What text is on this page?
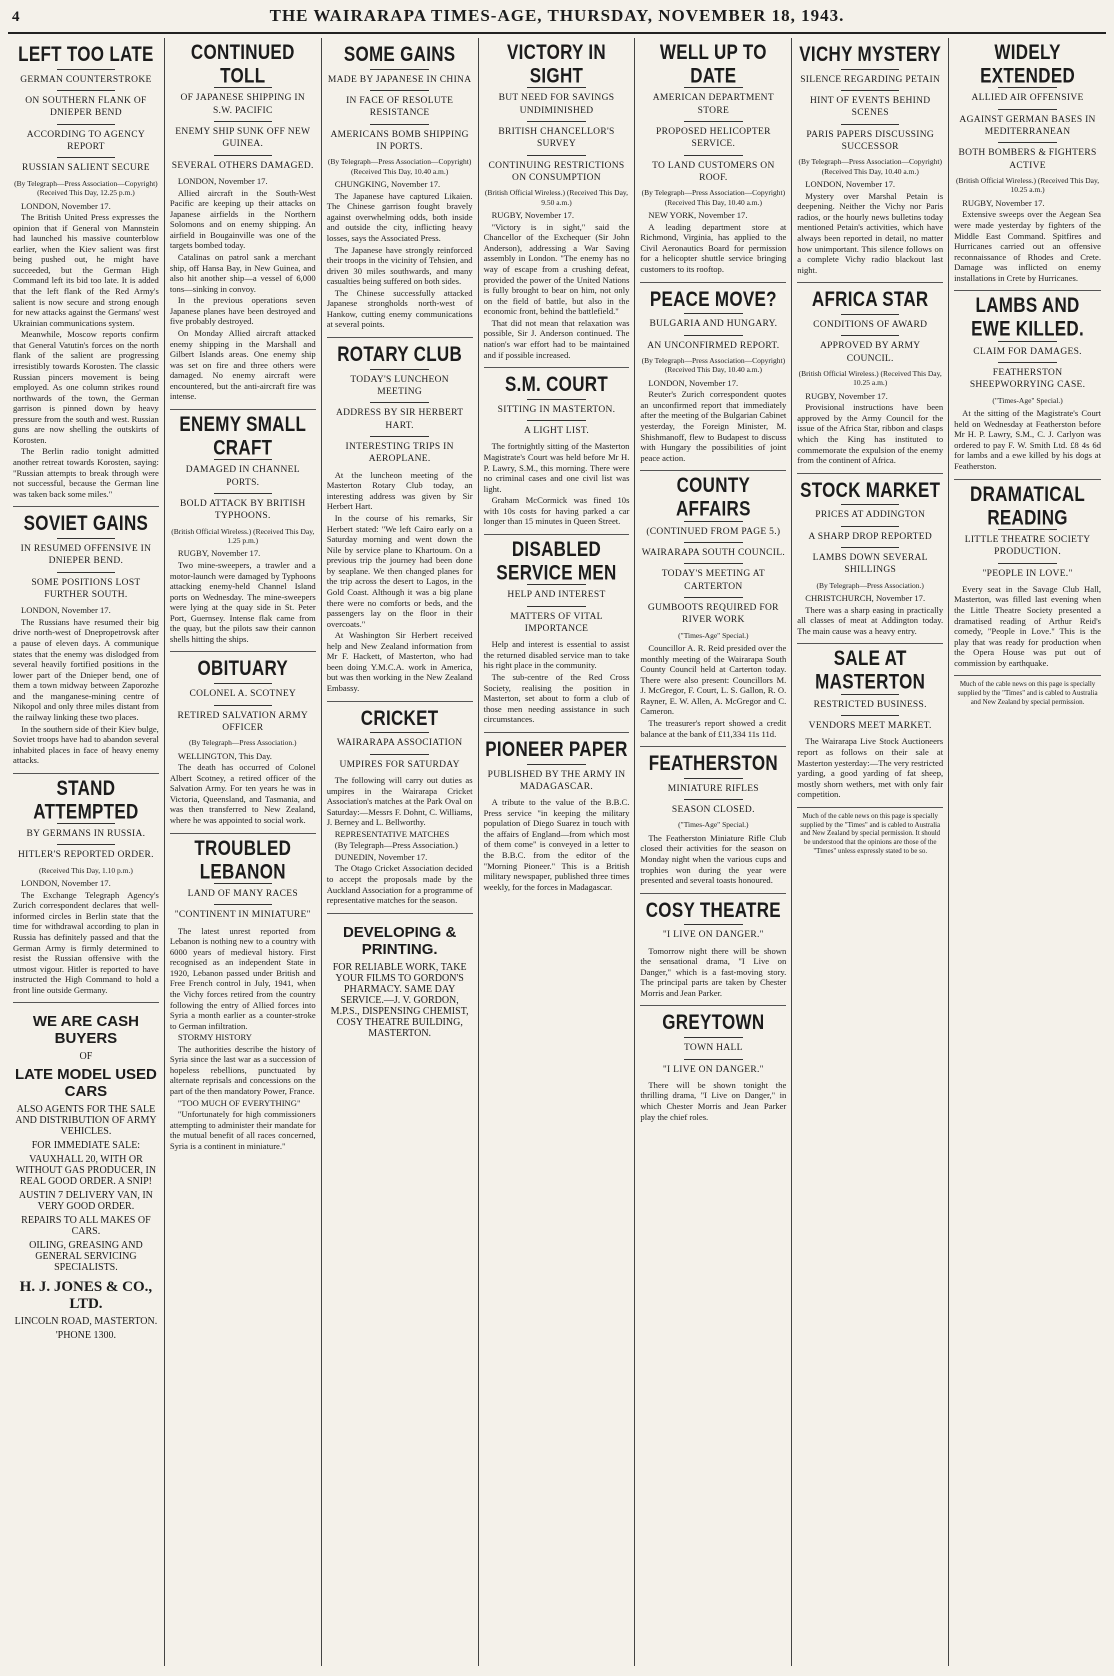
4	THE WAIRARAPA TIMES-AGE, THURSDAY, NOVEMBER 18, 1943.
LEFT TOO LATE
GERMAN COUNTERSTROKE
ON SOUTHERN FLANK OF DNIEPER BEND
ACCORDING TO AGENCY REPORT
RUSSIAN SALIENT SECURE
(By Telegraph—Press Association—Copyright) (Received This Day, 12.25 p.m.)

LONDON, November 17.

The British United Press expresses the opinion that if General von Mannstein had launched his massive counterblow earlier, when the Kiev salient was first being pushed out, he might have succeeded, but the German High Command left its bid too late. It is added that the left flank of the Red Army's salient is now secure and strong enough for new attacks against the Germans' west Ukrainian communications system.

Meanwhile, Moscow reports confirm that General Vatutin's forces on the north flank of the salient are progressing irresistibly towards Korosten. The classic Russian pincers movement is being employed. As one column strikes round northwards of the town, the German garrison is pinned down by heavy pressure from the south and west. Russian guns are now shelling the outskirts of Korosten.

The Berlin radio tonight admitted another retreat towards Korosten, saying: "Russian attempts to break through were not successful, because the German line was taken back some miles."

SOVIET GAINS
IN RESUMED OFFENSIVE IN DNIEPER BEND.
SOME POSITIONS LOST FURTHER SOUTH.

LONDON, November 17.

The Russians have resumed their big drive north-west of Dnepropetrovsk after a pause of eleven days. A communique states that the enemy was dislodged from several heavily fortified positions in the lower part of the Dnieper bend, one of them a town midway between Zaporozhe and the manganese-mining centre of Nikopol and only three miles distant from the railway linking these two places.

In the southern side of their Kiev bulge, Soviet troops have had to abandon several inhabited places in face of heavy enemy attacks.

STAND ATTEMPTED
BY GERMANS IN RUSSIA.
HITLER'S REPORTED ORDER.
(Received This Day, 1.10 p.m.)

LONDON, November 17.

The Exchange Telegraph Agency's Zurich correspondent declares that well-informed circles in Berlin state that the time for withdrawal according to plan in Russia has definitely passed and that the German Army is firmly determined to resist the Russian offensive with the utmost vigour. Hitler is reported to have instructed the High Command to hold a front line outside Germany.

WE ARE CASH BUYERS
OF
LATE MODEL USED CARS
ALSO AGENTS FOR THE SALE AND DISTRIBUTION OF ARMY VEHICLES.
FOR IMMEDIATE SALE:
VAUXHALL 20, WITH OR WITHOUT GAS PRODUCER, IN REAL GOOD ORDER. A SNIP!
AUSTIN 7 DELIVERY VAN, IN VERY GOOD ORDER.
REPAIRS TO ALL MAKES OF CARS.
OILING, GREASING AND GENERAL SERVICING SPECIALISTS.
H. J. JONES & CO., LTD.
LINCOLN ROAD, MASTERTON.
'PHONE 1300.
CONTINUED TOLL
OF JAPANESE SHIPPING IN S.W. PACIFIC
ENEMY SHIP SUNK OFF NEW GUINEA.
SEVERAL OTHERS DAMAGED.

LONDON, November 17.

Allied aircraft in the South-West Pacific are keeping up their attacks on Japanese airfields in the Northern Solomons and on enemy shipping. An airfield in Bougainville was one of the targets bombed today.

Catalinas on patrol sank a merchant ship, off Hansa Bay, in New Guinea, and also hit another ship—a vessel of 6,000 tons—sinking in convoy.

In the previous operations seven Japanese planes have been destroyed and five probably destroyed.

On Monday Allied aircraft attacked enemy shipping in the Marshall and Gilbert Islands areas. One enemy ship was set on fire and three others were damaged. No enemy aircraft were encountered, but the anti-aircraft fire was intense.

ENEMY SMALL CRAFT
DAMAGED IN CHANNEL PORTS.
BOLD ATTACK BY BRITISH TYPHOONS.
(British Official Wireless.) (Received This Day, 1.25 p.m.)

RUGBY, November 17.

Two mine-sweepers, a trawler and a motor-launch were damaged by Typhoons attacking enemy-held Channel Island ports on Wednesday. The mine-sweepers were lying at the quay side in St. Peter Port, Guernsey. Intense flak came from the quay, but the pilots saw their cannon shells hitting the ships.

OBITUARY
COLONEL A. SCOTNEY
RETIRED SALVATION ARMY OFFICER
(By Telegraph—Press Association.)

WELLINGTON, This Day.

The death has occurred of Colonel Albert Scotney, a retired officer of the Salvation Army. For ten years he was in Victoria, Queensland, and Tasmania, and was then transferred to New Zealand, where he was appointed to social work.

TROUBLED LEBANON
LAND OF MANY RACES
"CONTINENT IN MINIATURE"

The latest unrest reported from Lebanon is nothing new to a country with 6000 years of medieval history. First recognised as an independent State in 1920, Lebanon passed under British and Free French control in July, 1941, when the Vichy forces retired from the country following the entry of Allied forces into Syria a month earlier as a counter-stroke to German infiltration.

STORMY HISTORY

The authorities describe the history of Syria since the last war as a succession of hopeless rebellions, punctuated by alternate reprisals and concessions on the part of the then mandatory Power, France.

"TOO MUCH OF EVERYTHING"

"Unfortunately for high commissioners attempting to administer their mandate for the mutual benefit of all races concerned, Syria is a continent in miniature."

SOME GAINS
MADE BY JAPANESE IN CHINA
IN FACE OF RESOLUTE RESISTANCE
AMERICANS BOMB SHIPPING IN PORTS.
(By Telegraph—Press Association—Copyright) (Received This Day, 10.40 a.m.)

CHUNGKING, November 17.

The Japanese have captured Likaien. The Chinese garrison fought bravely against overwhelming odds, both inside and outside the city, inflicting heavy losses, says the Associated Press.

The Japanese have strongly reinforced their troops in the vicinity of Tehsien, and driven 30 miles southwards, and many casualties being suffered on both sides.

The Chinese successfully attacked Japanese strongholds north-west of Hankow, cutting enemy communications at several points.

ROTARY CLUB
TODAY'S LUNCHEON MEETING
ADDRESS BY SIR HERBERT HART.
INTERESTING TRIPS IN AEROPLANE.

At the luncheon meeting of the Masterton Rotary Club today, an interesting address was given by Sir Herbert Hart.

In the course of his remarks, Sir Herbert stated: "We left Cairo early on a Saturday morning and went down the Nile by service plane to Khartoum. On a previous trip the journey had been done by seaplane. We then changed planes for the trip across the desert to Lagos, in the Gold Coast. Although it was a big plane there were no comforts or beds, and the passengers lay on the floor in their overcoats."

At Washington Sir Herbert received help and New Zealand information from Mr F. Hackett, of Masterton, who had been doing Y.M.C.A. work in America, but was then working in the New Zealand Embassy.

CRICKET
WAIRARAPA ASSOCIATION
UMPIRES FOR SATURDAY

The following will carry out duties as umpires in the Wairarapa Cricket Association's matches at the Park Oval on Saturday:—Messrs F. Dohnt, C. Williams, J. Berney and L. Bellworthy.

REPRESENTATIVE MATCHES

(By Telegraph—Press Association.)

DUNEDIN, November 17.

The Otago Cricket Association decided to accept the proposals made by the Auckland Association for a programme of representative matches for the season.

DEVELOPING & PRINTING.
FOR RELIABLE WORK, TAKE YOUR FILMS TO GORDON'S PHARMACY. SAME DAY SERVICE.—J. V. GORDON, M.P.S., DISPENSING CHEMIST, COSY THEATRE BUILDING, MASTERTON.
VICTORY IN SIGHT
BUT NEED FOR SAVINGS UNDIMINISHED
BRITISH CHANCELLOR'S SURVEY
CONTINUING RESTRICTIONS ON CONSUMPTION
(British Official Wireless.) (Received This Day, 9.50 a.m.)

RUGBY, November 17.

"Victory is in sight," said the Chancellor of the Exchequer (Sir John Anderson), addressing a War Saving assembly in London. "The enemy has no way of escape from a crushing defeat, provided the power of the United Nations is fully brought to bear on him, not only on the field of battle, but also in the economic front, behind the battlefield."

That did not mean that relaxation was possible, Sir J. Anderson continued. The nation's war effort had to be maintained and if possible increased.

S.M. COURT
SITTING IN MASTERTON.
A LIGHT LIST.

The fortnightly sitting of the Masterton Magistrate's Court was held before Mr H. P. Lawry, S.M., this morning. There were no criminal cases and one civil list was light.

Graham McCormick was fined 10s with 10s costs for having parked a car longer than 15 minutes in Queen Street.

DISABLED SERVICE MEN
HELP AND INTEREST
MATTERS OF VITAL IMPORTANCE

Help and interest is essential to assist the returned disabled service man to take his right place in the community.

The sub-centre of the Red Cross Society, realising the position in Masterton, set about to form a club of those men needing assistance in such circumstances.

PIONEER PAPER
PUBLISHED BY THE ARMY IN MADAGASCAR.

A tribute to the value of the B.B.C. Press service "in keeping the military population of Diego Suarez in touch with the affairs of England—from which most of them come" is conveyed in a letter to the B.B.C. from the editor of the "Morning Pioneer." This is a British military newspaper, published three times weekly, for the forces in Madagascar.

WELL UP TO DATE
AMERICAN DEPARTMENT STORE
PROPOSED HELICOPTER SERVICE.
TO LAND CUSTOMERS ON ROOF.
(By Telegraph—Press Association—Copyright) (Received This Day, 10.40 a.m.)

NEW YORK, November 17.

A leading department store at Richmond, Virginia, has applied to the Civil Aeronautics Board for permission for a helicopter shuttle service bringing customers to its rooftop.

PEACE MOVE?
BULGARIA AND HUNGARY.
AN UNCONFIRMED REPORT.
(By Telegraph—Press Association—Copyright) (Received This Day, 10.40 a.m.)

LONDON, November 17.

Reuter's Zurich correspondent quotes an unconfirmed report that immediately after the meeting of the Bulgarian Cabinet yesterday, the Foreign Minister, M. Shishmanoff, flew to Budapest to discuss with Hungary the possibilities of joint peace action.

COUNTY AFFAIRS
(CONTINUED FROM PAGE 5.)
WAIRARAPA SOUTH COUNCIL.
TODAY'S MEETING AT CARTERTON
GUMBOOTS REQUIRED FOR RIVER WORK
("Times-Age" Special.)

Councillor A. R. Reid presided over the monthly meeting of the Wairarapa South County Council held at Carterton today. There were also present: Councillors M. J. McGregor, F. Court, L. S. Gallon, R. O. Rayner, E. W. Allen, A. McGregor and C. Cameron.

The treasurer's report showed a credit balance at the bank of £11,334 11s 11d.

FEATHERSTON
MINIATURE RIFLES
SEASON CLOSED.
("Times-Age" Special.)

The Featherston Miniature Rifle Club closed their activities for the season on Monday night when the various cups and trophies won during the year were presented and several toasts honoured.

COSY THEATRE
"I LIVE ON DANGER."

Tomorrow night there will be shown the sensational drama, "I Live on Danger," which is a fast-moving story. The principal parts are taken by Chester Morris and Jean Parker.

GREYTOWN
TOWN HALL
"I LIVE ON DANGER."

There will be shown tonight the thrilling drama, "I Live on Danger," in which Chester Morris and Jean Parker play the chief roles.

VICHY MYSTERY
SILENCE REGARDING PETAIN
HINT OF EVENTS BEHIND SCENES
PARIS PAPERS DISCUSSING SUCCESSOR
(By Telegraph—Press Association—Copyright) (Received This Day, 10.40 a.m.)

LONDON, November 17.

Mystery over Marshal Petain is deepening. Neither the Vichy nor Paris radios, or the hourly news bulletins today mentioned Petain's activities, which have always been reported in detail, no matter how unimportant. This silence follows on a complete Vichy radio blackout last night.

AFRICA STAR
CONDITIONS OF AWARD
APPROVED BY ARMY COUNCIL.
(British Official Wireless.) (Received This Day, 10.25 a.m.)

RUGBY, November 17.

Provisional instructions have been approved by the Army Council for the issue of the Africa Star, ribbon and clasps which the King has instituted to commemorate the expulsion of the enemy from the continent of Africa.

STOCK MARKET
PRICES AT ADDINGTON
A SHARP DROP REPORTED
LAMBS DOWN SEVERAL SHILLINGS
(By Telegraph—Press Association.)

CHRISTCHURCH, November 17.

There was a sharp easing in practically all classes of meat at Addington today. The main cause was a heavy entry.

SALE AT MASTERTON
RESTRICTED BUSINESS.
VENDORS MEET MARKET.

The Wairarapa Live Stock Auctioneers report as follows on their sale at Masterton yesterday:—The very restricted yarding, a good yarding of fat sheep, mostly shorn wethers, met with only fair competition.

Much of the cable news on this page is specially supplied by the "Times" and is cabled to Australia and New Zealand by special permission. It should be understood that the opinions are those of the "Times" unless expressly stated to be so.
WIDELY EXTENDED
ALLIED AIR OFFENSIVE
AGAINST GERMAN BASES IN MEDITERRANEAN
BOTH BOMBERS & FIGHTERS ACTIVE
(British Official Wireless.) (Received This Day, 10.25 a.m.)

RUGBY, November 17.

Extensive sweeps over the Aegean Sea were made yesterday by fighters of the Middle East Command. Spitfires and Hurricanes carried out an offensive reconnaissance of Rhodes and Crete. Damage was inflicted on enemy installations in Crete by Hurricanes.

LAMBS AND EWE KILLED.
CLAIM FOR DAMAGES.
FEATHERSTON SHEEPWORRYING CASE.
("Times-Age" Special.)

At the sitting of the Magistrate's Court held on Wednesday at Featherston before Mr H. P. Lawry, S.M., C. J. Carlyon was ordered to pay F. W. Smith Ltd. £8 4s 6d for lambs and a ewe killed by his dogs at Featherston.

DRAMATICAL READING
LITTLE THEATRE SOCIETY PRODUCTION.
"PEOPLE IN LOVE."

Every seat in the Savage Club Hall, Masterton, was filled last evening when the Little Theatre Society presented a dramatised reading of Arthur Reid's comedy, "People in Love." This is the play that was ready for production when the Opera House was put out of commission by earthquake.

Much of the cable news on this page is specially supplied by the "Times" and is cabled to Australia and New Zealand by special permission.
